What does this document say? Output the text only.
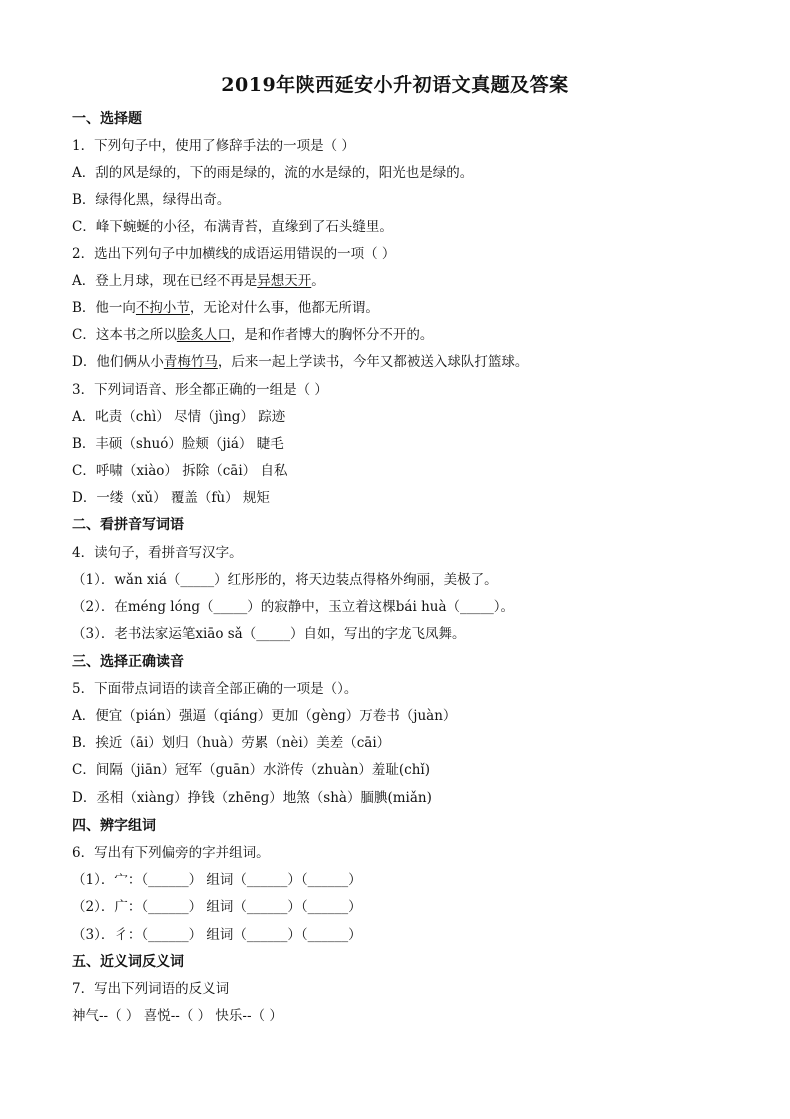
2019年陕西延安小升初语文真题及答案
一、选择题
1．下列句子中，使用了修辞手法的一项是（ ）
A．刮的风是绿的，下的雨是绿的，流的水是绿的，阳光也是绿的。
B．绿得化黑，绿得出奇。
C．峰下蜿蜒的小径，布满青苔，直缘到了石头缝里。
2．选出下列句子中加横线的成语运用错误的一项（ ）
A．登上月球，现在已经不再是异想天开。
B．他一向不拘小节，无论对什么事，他都无所谓。
C．这本书之所以脍炙人口，是和作者博大的胸怀分不开的。
D．他们俩从小青梅竹马，后来一起上学读书，今年又都被送入球队打篮球。
3．下列词语音、形全都正确的一组是（ ）
A．叱责（chì） 尽情（jìng） 踪迹
B．丰硕（shuó）脸颊（jiá） 睫毛
C．呼啸（xiào） 拆除（cāi） 自私
D．一缕（xǔ） 覆盖（fù） 规矩
二、看拼音写词语
4．读句子，看拼音写汉字。
（1）．wǎn xiá（_____）红彤彤的，将天边装点得格外绚丽，美极了。
（2）．在méng lóng（_____）的寂静中，玉立着这棵bái huà（_____）。
（3）．老书法家运笔xiāo sǎ（_____）自如，写出的字龙飞凤舞。
三、选择正确读音
5．下面带点词语的读音全部正确的一项是（）。
A．便宜（pián）强逼（qiáng）更加（ɡènɡ）万卷书（juàn）
B．挨近（āi）划归（huà）劳累（nèi）美差（cāi）
C．间隔（jiān）冠军（ɡuān）水浒传（zhuàn）羞耻(chǐ)
D．丞相（xiànɡ）挣钱（zhēnɡ）地煞（shà）腼腆(miǎn)
四、辨字组词
6．写出有下列偏旁的字并组词。
（1）．宀：（______） 组词（______）（______）
（2）．广：（______） 组词（______）（______）
（3）．彳：（______） 组词（______）（______）
五、近义词反义词
7．写出下列词语的反义词
神气--（ ） 喜悦--（ ） 快乐--（ ）
